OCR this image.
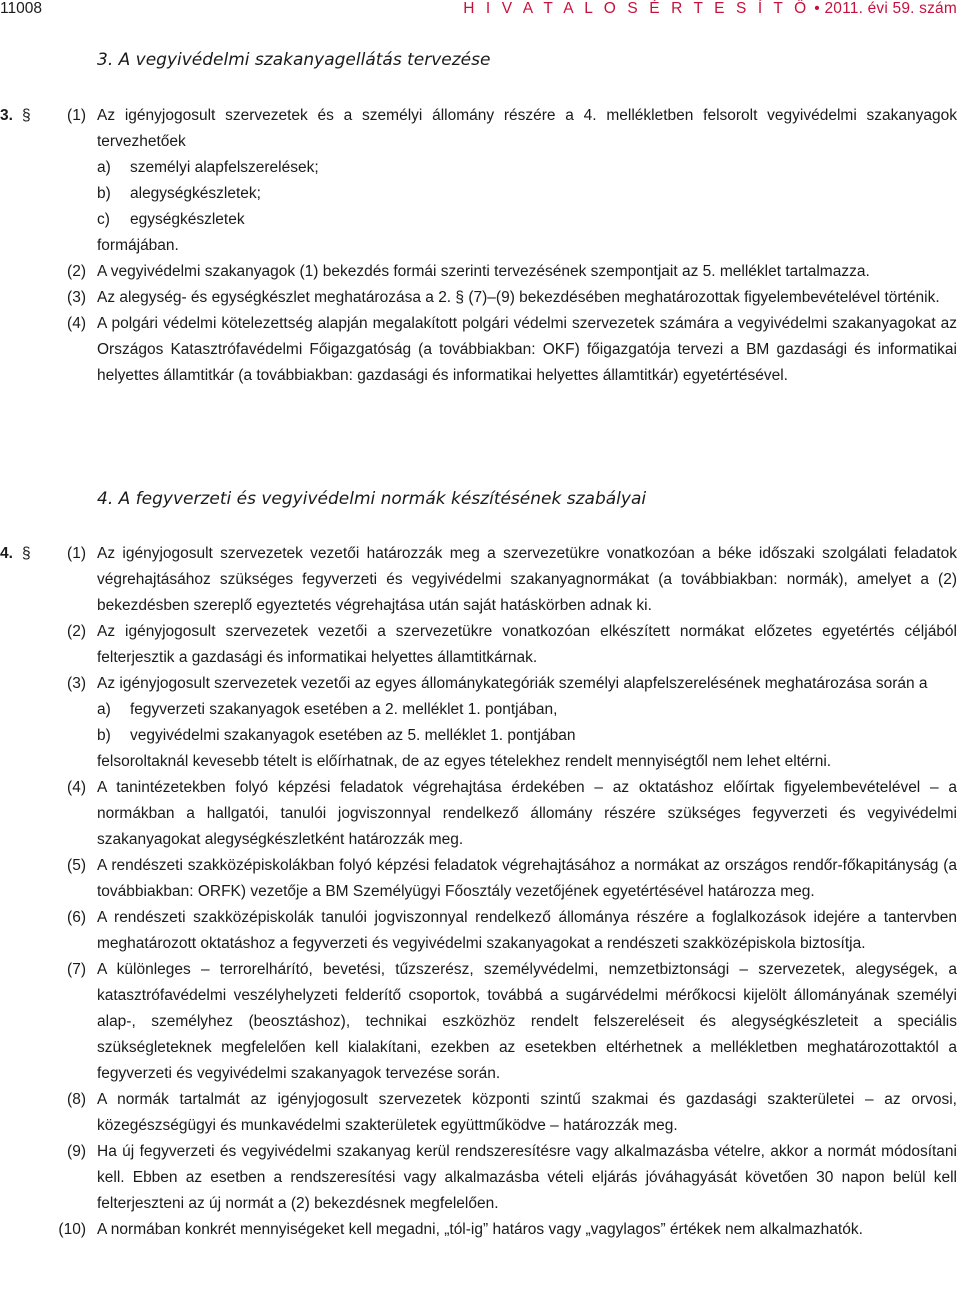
11008	H I V A T A L O S É R T E S Í T Ő • 2011. évi 59. szám
3. A vegyivédelmi szakanyagellátás tervezése
3. §	(1) Az igényjogosult szervezetek és a személyi állomány részére a 4. mellékletben felsorolt vegyivédelmi szakanyagok tervezhetőek
a) személyi alapfelszerelések;
b) alegységkészletek;
c) egységkészletek
formájában.
(2) A vegyivédelmi szakanyagok (1) bekezdés formái szerinti tervezésének szempontjait az 5. melléklet tartalmazza.
(3) Az alegység- és egységkészlet meghatározása a 2. § (7)–(9) bekezdésében meghatározottak figyelembevételével történik.
(4) A polgári védelmi kötelezettség alapján megalakított polgári védelmi szervezetek számára a vegyivédelmi szakanyagokat az Országos Katasztrófavédelmi Főigazgatóság (a továbbiakban: OKF) főigazgatója tervezi a BM gazdasági és informatikai helyettes államtitkár (a továbbiakban: gazdasági és informatikai helyettes államtitkár) egyetértésével.
4. A fegyverzeti és vegyivédelmi normák készítésének szabályai
4. §	(1) Az igényjogosult szervezetek vezetői határozzák meg a szervezetükre vonatkozóan a béke időszaki szolgálati feladatok végrehajtásához szükséges fegyverzeti és vegyivédelmi szakanyagnormákat (a továbbiakban: normák), amelyet a (2) bekezdésben szereplő egyeztetés végrehajtása után saját hatáskörben adnak ki.
(2) Az igényjogosult szervezetek vezetői a szervezetükre vonatkozóan elkészített normákat előzetes egyetértés céljából felterjesztik a gazdasági és informatikai helyettes államtitkárnak.
(3) Az igényjogosult szervezetek vezetői az egyes állománykategóriák személyi alapfelszerelésének meghatározása során a
a) fegyverzeti szakanyagok esetében a 2. melléklet 1. pontjában,
b) vegyivédelmi szakanyagok esetében az 5. melléklet 1. pontjában
felsoroltaknál kevesebb tételt is előírhatnak, de az egyes tételekhez rendelt mennyiségtől nem lehet eltérni.
(4) A tanintézetekben folyó képzési feladatok végrehajtása érdekében – az oktatáshoz előírtak figyelembevételével – a normákban a hallgatói, tanulói jogviszonnyal rendelkező állomány részére szükséges fegyverzeti és vegyivédelmi szakanyagokat alegységkészletként határozzák meg.
(5) A rendészeti szakközépiskolákban folyó képzési feladatok végrehajtásához a normákat az országos rendőr-főkapitányság (a továbbiakban: ORFK) vezetője a BM Személyügyi Főosztály vezetőjének egyetértésével határozza meg.
(6) A rendészeti szakközépiskolák tanulói jogviszonnyal rendelkező állománya részére a foglalkozások idejére a tantervben meghatározott oktatáshoz a fegyverzeti és vegyivédelmi szakanyagokat a rendészeti szakközépiskola biztosítja.
(7) A különleges – terrorelhárító, bevetési, tűzszerész, személyvédelmi, nemzetbiztonsági – szervezetek, alegységek, a katasztrófavédelmi veszélyhelyzeti felderítő csoportok, továbbá a sugárvédelmi mérőkocsi kijelölt állományának személyi alap-, személyhez (beosztáshoz), technikai eszközhöz rendelt felszereléseit és alegységkészleteit a speciális szükségleteknek megfelelően kell kialakítani, ezekben az esetekben eltérhetnek a mellékletben meghatározottaktól a fegyverzeti és vegyivédelmi szakanyagok tervezése során.
(8) A normák tartalmát az igényjogosult szervezetek központi szintű szakmai és gazdasági szakterületei – az orvosi, közegészségügyi és munkavédelmi szakterületek együttműködve – határozzák meg.
(9) Ha új fegyverzeti és vegyivédelmi szakanyag kerül rendszeresítésre vagy alkalmazásba vételre, akkor a normát módosítani kell. Ebben az esetben a rendszeresítési vagy alkalmazásba vételi eljárás jóváhagyását követően 30 napon belül kell felterjeszteni az új normát a (2) bekezdésnek megfelelően.
(10) A normában konkrét mennyiségeket kell megadni, „tól-ig” határos vagy „vagylagos” értékek nem alkalmazhatók.
